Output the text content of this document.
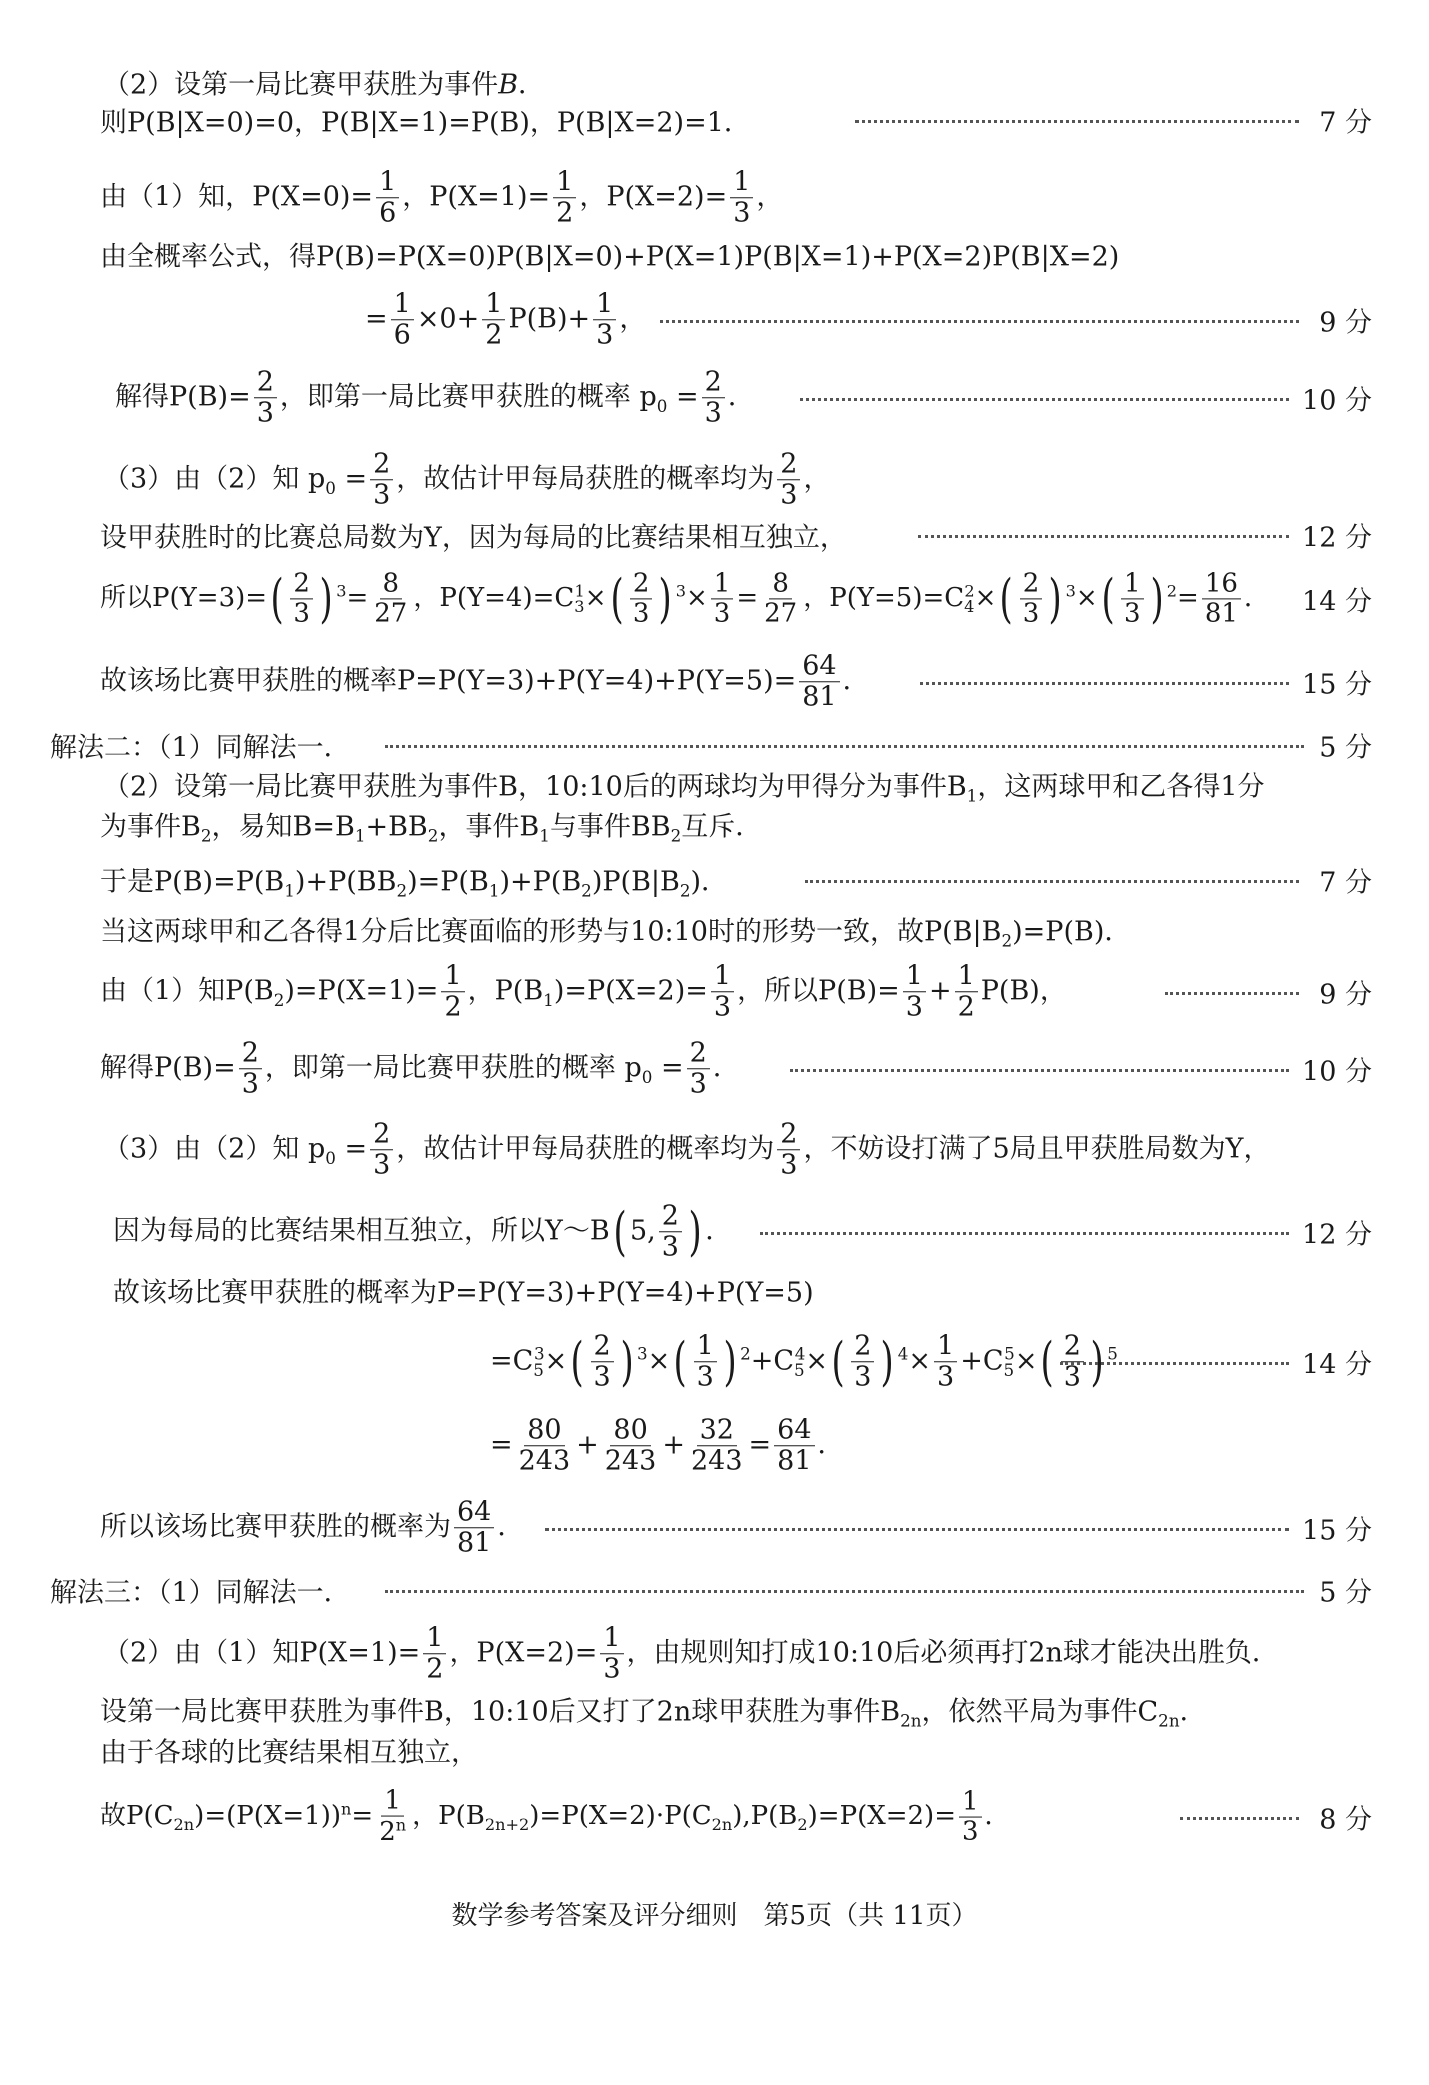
（2）设第一局比赛甲获胜为事件B．
则P(B|X=0)=0，P(B|X=1)=P(B)，P(B|X=2)=1．	7 分
由（1）知，$P(X=0)= \frac{1}{6}$ ，$P(X=1)= \frac{1}{2}$ ，$P(X=2)= \frac{1}{3}$ ，
由全概率公式，得P(B)=P(X=0)P(B|X=0)+P(X=1)P(B|X=1)+P(X=2)P(B|X=2)
= $\frac{1}{6} \times 0+ \frac{1}{2} P(B)+ \frac{1}{3}$ ，	9 分
解得$P(B)= \frac{2}{3}$ ，即第一局比赛甲获胜的概率 $p_0 = \frac{2}{3}$ ．	10 分
（3）由（2）知 $p_0 = \frac{2}{3}$ ，故估计甲每局获胜的概率均为 $\frac{2}{3}$ ，
设甲获胜时的比赛总局数为Y，因为每局的比赛结果相互独立，	12 分
所以$P(Y=3)=( \frac{2}{3}$ ) $^3= \frac{8}{27}$ ，$P(Y=4)=C_3^1\times( \frac{2}{3}$ ) $^3\times \frac{1}{3} = \frac{8}{27}$ ，$P(Y=5)=C_4^2\times( \frac{2}{3}$ ) $^3\times( \frac{1}{3}$ ) $^2= \frac{16}{81}$ ． 14 分
故该场比赛甲获胜的概率$P=P(Y=3)+P(Y=4)+P(Y=5)= \frac{64}{81}$ ．	15 分
解法二：（1）同解法一．	5 分
（2）设第一局比赛甲获胜为事件B，10:10后的两球均为甲得分为事件$B_1$，这两球甲和乙各得1分
为事件$B_2$，易知$B=B_1+BB_2$，事件$B_1$与事件$BB_2$互斥．
于是$P(B)=P(B_1)+P(BB_2)=P(B_1)+P(B_2)P(B|B_2)$．	7 分
当这两球甲和乙各得1分后比赛面临的形势与10:10时的形势一致，故$P(B|B_2)=P(B)$．
由（1）知$P(B_2)=P(X=1)= \frac{1}{2}$ ，$P(B_1)=P(X=2)= \frac{1}{3}$ ，所以$P(B)= \frac{1}{3} + \frac{1}{2} P(B)$，	9 分
解得$P(B)= \frac{2}{3}$ ，即第一局比赛甲获胜的概率 $p_0 = \frac{2}{3}$ ．	10 分
（3）由（2）知 $p_0 = \frac{2}{3}$ ，故估计甲每局获胜的概率均为 $\frac{2}{3}$ ，不妨设打满了5局且甲获胜局数为Y，
因为每局的比赛结果相互独立，所以Y～B( 5, $\frac{2}{3}$ ) ．	12 分
故该场比赛甲获胜的概率为P=P(Y=3)+P(Y=4)+P(Y=5)
$=C_5^3\times( \frac{2}{3}$ ) $^3\times( \frac{1}{3}$ ) $^2+C_5^4\times( \frac{2}{3}$ ) $^4\times \frac{1}{3} +C_5^5\times( \frac{2}{3}$ ) $^5$	14 分
= $\frac{80}{243} + \frac{80}{243} + \frac{32}{243} = \frac{64}{81}$ ．
所以该场比赛甲获胜的概率为 $\frac{64}{81}$ ．	15 分
解法三：（1）同解法一．	5 分
（2）由（1）知$P(X=1)= \frac{1}{2}$ ，$P(X=2)= \frac{1}{3}$ ，由规则知打成10:10后必须再打2n球才能决出胜负．
设第一局比赛甲获胜为事件B，10:10后又打了2n球甲获胜为事件$B_{2n}$，依然平局为事件$C_{2n}$．
由于各球的比赛结果相互独立，
故$P(C_{2n})=(P(X=1))^n= \frac{1}{2^n}$ ，$P(B_{2n+2})=P(X=2)\cdot P(C_{2n}),P(B_2)=P(X=2)= \frac{1}{3}$ ．	8 分
数学参考答案及评分细则　第5页（共 11页）
